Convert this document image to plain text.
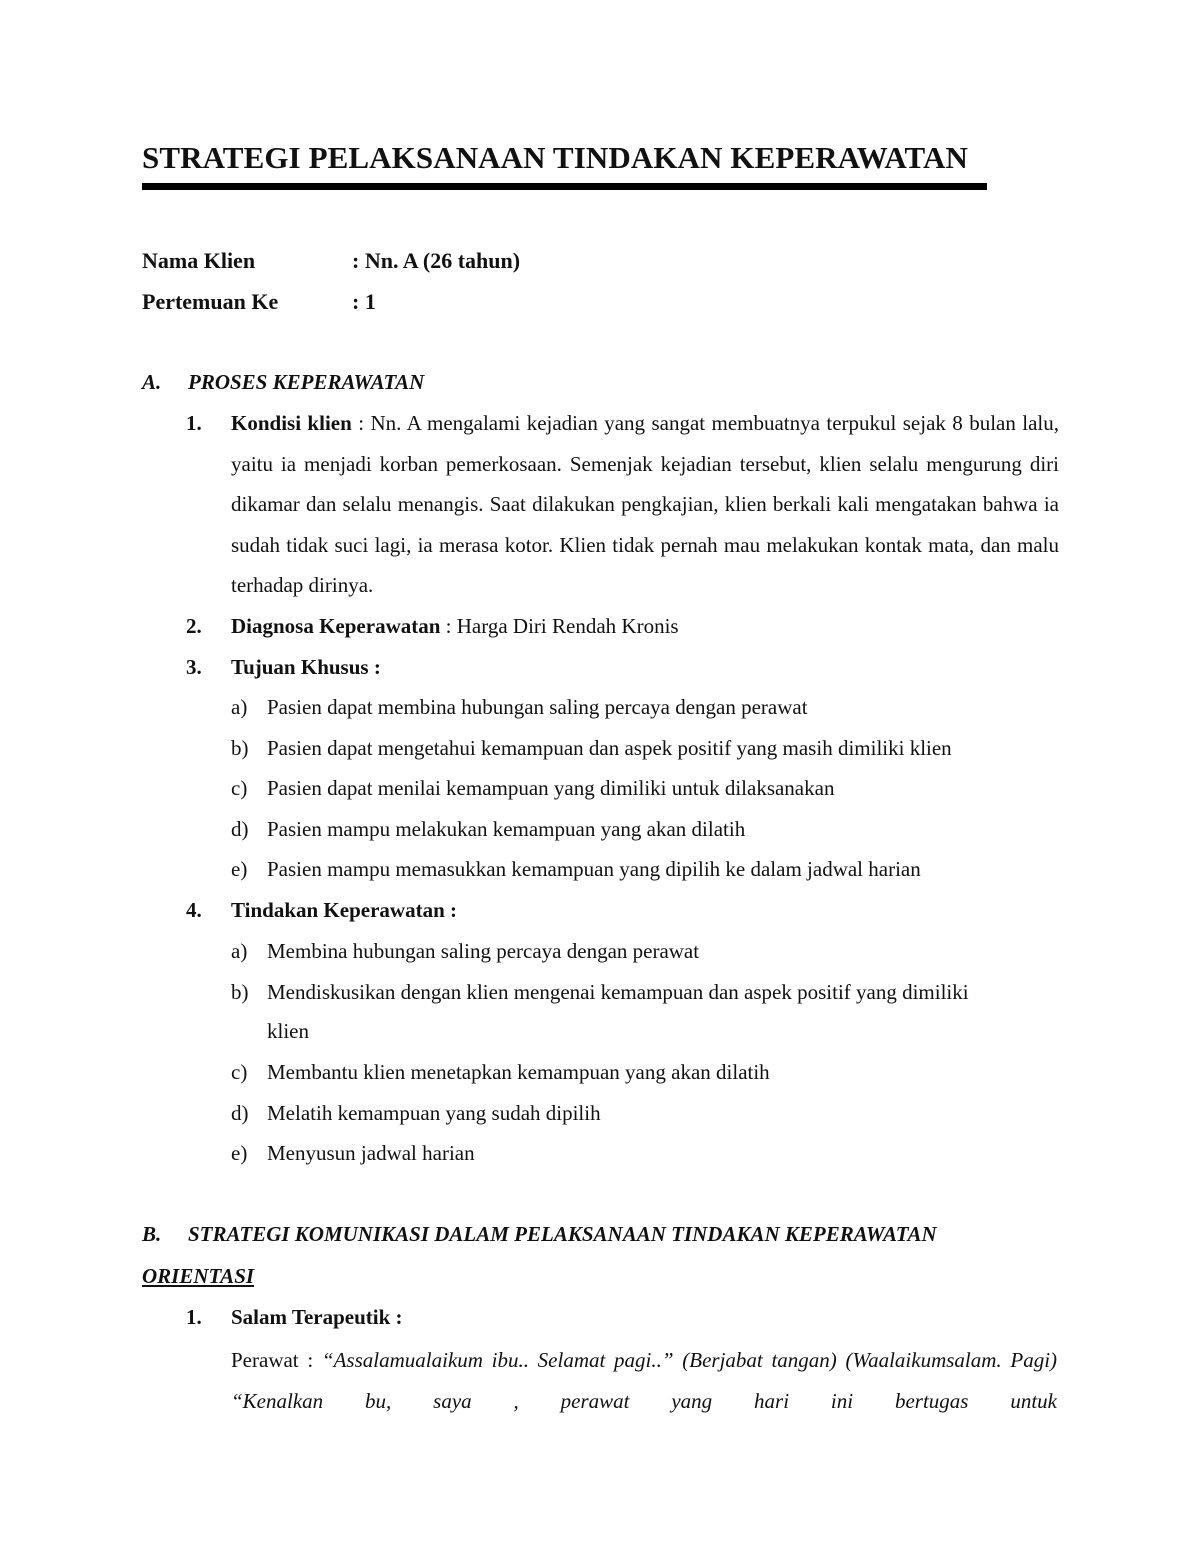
STRATEGI PELAKSANAAN TINDAKAN KEPERAWATAN
Nama Klien	: Nn. A (26 tahun)
Pertemuan Ke	: 1
A. PROSES KEPERAWATAN
1.	Kondisi klien : Nn. A mengalami kejadian yang sangat membuatnya terpukul sejak 8 bulan lalu, yaitu ia menjadi korban pemerkosaan. Semenjak kejadian tersebut, klien selalu mengurung diri dikamar dan selalu menangis. Saat dilakukan pengkajian, klien berkali kali mengatakan bahwa ia sudah tidak suci lagi, ia merasa kotor. Klien tidak pernah mau melakukan kontak mata, dan malu terhadap dirinya.
2.	Diagnosa Keperawatan : Harga Diri Rendah Kronis
3.	Tujuan Khusus :
a) Pasien dapat membina hubungan saling percaya dengan perawat
b) Pasien dapat mengetahui kemampuan dan aspek positif yang masih dimiliki klien
c) Pasien dapat menilai kemampuan yang dimiliki untuk dilaksanakan
d) Pasien mampu melakukan kemampuan yang akan dilatih
e) Pasien mampu memasukkan kemampuan yang dipilih ke dalam jadwal harian
4.	Tindakan Keperawatan :
a) Membina hubungan saling percaya dengan perawat
b) Mendiskusikan dengan klien mengenai kemampuan dan aspek positif yang dimiliki
klien
c) Membantu klien menetapkan kemampuan yang akan dilatih
d) Melatih kemampuan yang sudah dipilih
e) Menyusun jadwal harian
B. STRATEGI KOMUNIKASI DALAM PELAKSANAAN TINDAKAN KEPERAWATAN
ORIENTASI
1.	Salam Terapeutik :
Perawat : “Assalamualaikum ibu.. Selamat pagi..” (Berjabat tangan) (Waalaikumsalam. Pagi) “Kenalkan bu, saya , perawat yang hari ini bertugas untuk
